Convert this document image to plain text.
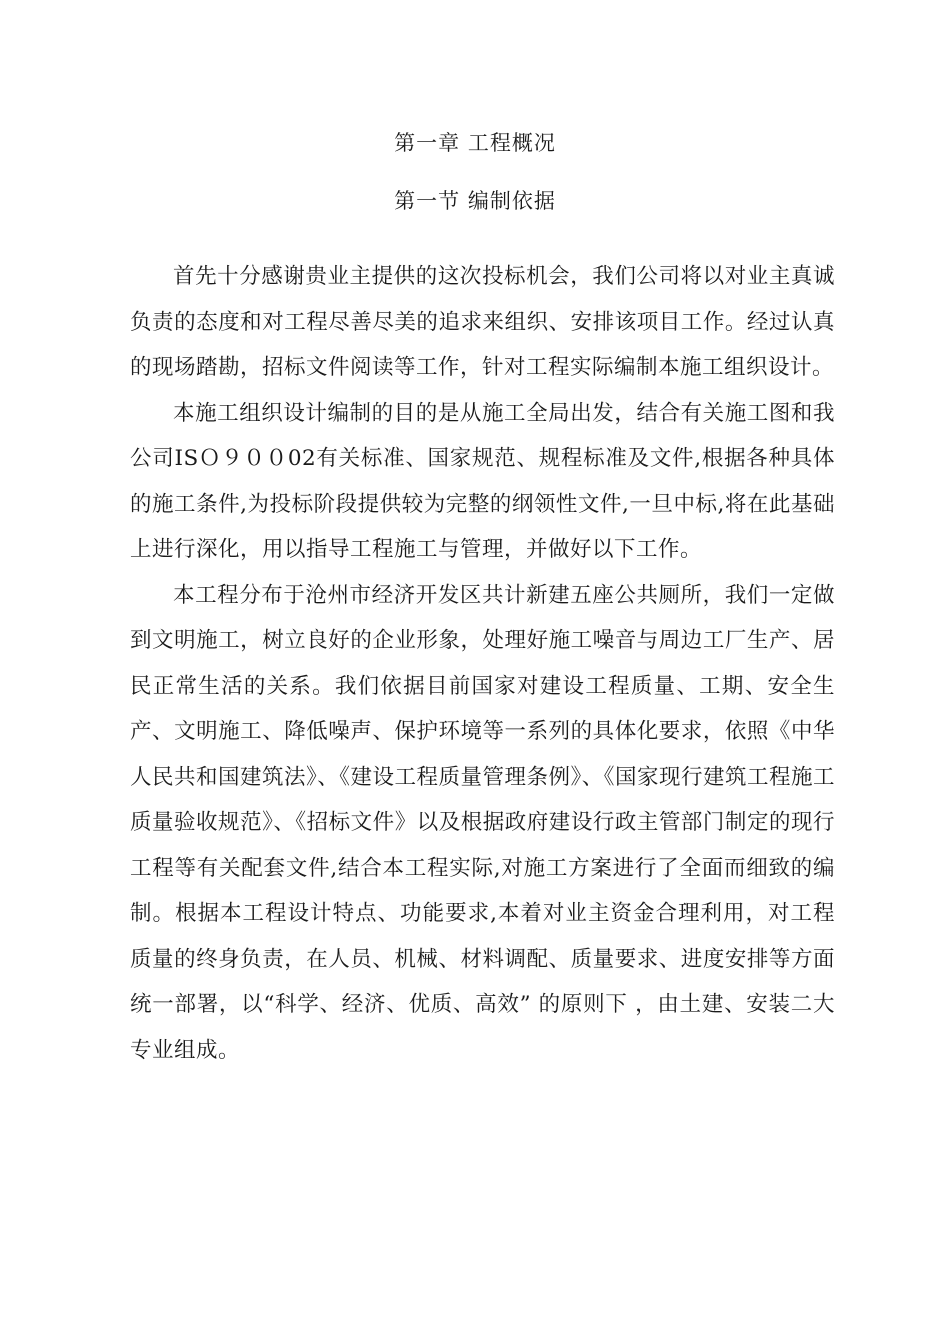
第一章 工程概况
第一节 编制依据

首先十分感谢贵业主提供的这次投标机会，我们公司将以对业主真诚负责的态度和对工程尽善尽美的追求来组织、安排该项目工作。经过认真的现场踏勘，招标文件阅读等工作，针对工程实际编制本施工组织设计。

本施工组织设计编制的目的是从施工全局出发，结合有关施工图和我公司ISＯ９００02有关标准、国家规范、规程标准及文件,根据各种具体的施工条件,为投标阶段提供较为完整的纲领性文件,一旦中标,将在此基础上进行深化，用以指导工程施工与管理，并做好以下工作。

本工程分布于沧州市经济开发区共计新建五座公共厕所，我们一定做到文明施工，树立良好的企业形象，处理好施工噪音与周边工厂生产、居民正常生活的关系。我们依据目前国家对建设工程质量、工期、安全生产、文明施工、降低噪声、保护环境等一系列的具体化要求，依照《中华人民共和国建筑法》、《建设工程质量管理条例》、《国家现行建筑工程施工质量验收规范》、《招标文件》以及根据政府建设行政主管部门制定的现行工程等有关配套文件,结合本工程实际,对施工方案进行了全面而细致的编制。根据本工程设计特点、功能要求,本着对业主资金合理利用，对工程质量的终身负责，在人员、机械、材料调配、质量要求、进度安排等方面统一部署，以“科学、经济、优质、高效” 的原则下 ，由土建、安装二大专业组成。
